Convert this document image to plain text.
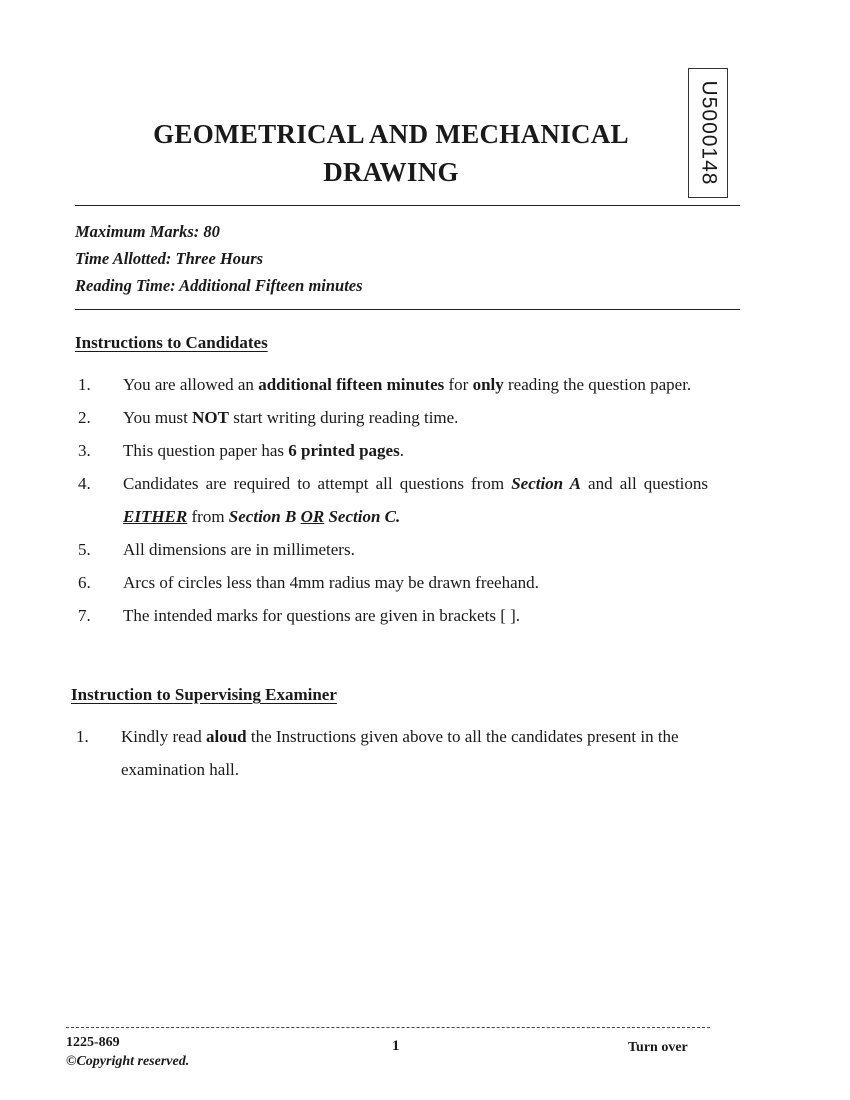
GEOMETRICAL AND MECHANICAL
DRAWING	U5000148
Maximum Marks: 80
Time Allotted: Three Hours
Reading Time: Additional Fifteen minutes
Instructions to Candidates
1. You are allowed an additional fifteen minutes for only reading the question paper.
2. You must NOT start writing during reading time.
3. This question paper has 6 printed pages.
4. Candidates are required to attempt all questions from Section A and all questions EITHER from Section B OR Section C.
5. All dimensions are in millimeters.
6. Arcs of circles less than 4mm radius may be drawn freehand.
7. The intended marks for questions are given in brackets [ ].
Instruction to Supervising Examiner
1. Kindly read aloud the Instructions given above to all the candidates present in the examination hall.
1225-869
©Copyright reserved.
1	Turn over
